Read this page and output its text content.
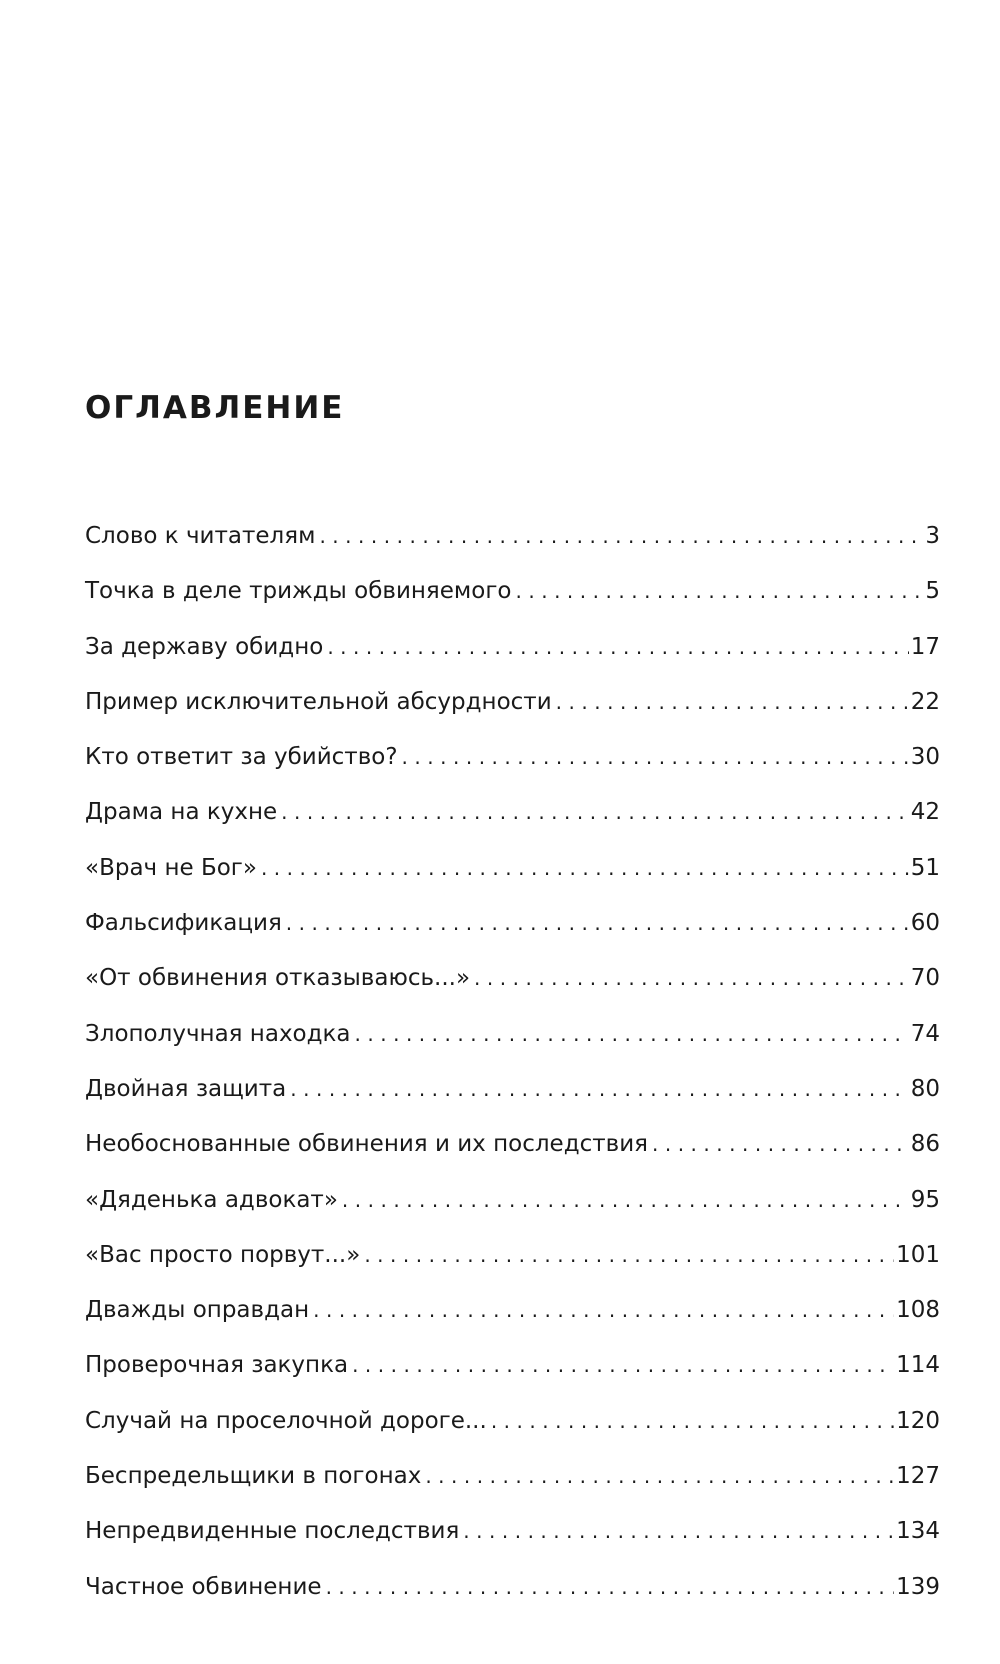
ОГЛАВЛЕНИЕ
Слово к читателям .....	3
Точка в деле трижды обвиняемого .....	5
За державу обидно .....	17
Пример исключительной абсурдности .....	22
Кто ответит за убийство? .....	30
Драма на кухне .....	42
«Врач не Бог» .....	51
Фальсификация .....	60
«От обвинения отказываюсь...» .....	70
Злополучная находка .....	74
Двойная защита .....	80
Необоснованные обвинения и их последствия .....	86
«Дяденька адвокат» .....	95
«Вас просто порвут...» .....	101
Дважды оправдан .....	108
Проверочная закупка .....	114
Случай на проселочной дороге... .....	120
Беспредельщики в погонах .....	127
Непредвиденные последствия .....	134
Частное обвинение .....	139
